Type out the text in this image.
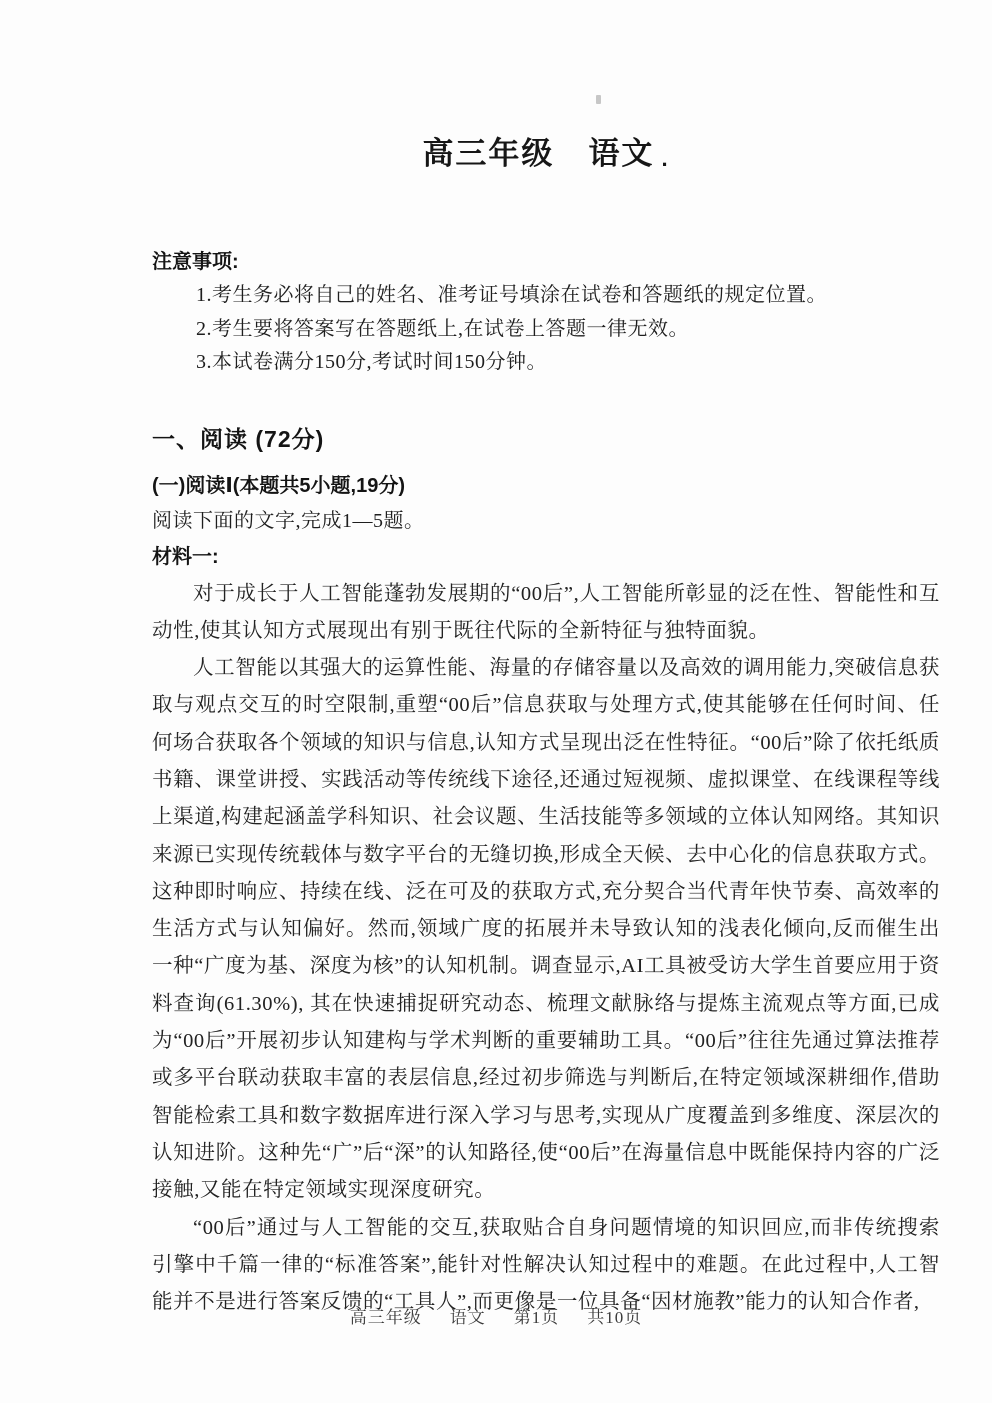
高三年级 语文 .
注意事项:
1.考生务必将自己的姓名、准考证号填涂在试卷和答题纸的规定位置。
2.考生要将答案写在答题纸上,在试卷上答题一律无效。
3.本试卷满分150分,考试时间150分钟。
一、阅读 (72分)
(一)阅读Ⅰ(本题共5小题,19分)
阅读下面的文字,完成1—5题。
材料一:

对于成长于人工智能蓬勃发展期的“00后”,人工智能所彰显的泛在性、智能性和互动性,使其认知方式展现出有别于既往代际的全新特征与独特面貌。

人工智能以其强大的运算性能、海量的存储容量以及高效的调用能力,突破信息获取与观点交互的时空限制,重塑“00后”信息获取与处理方式,使其能够在任何时间、任何场合获取各个领域的知识与信息,认知方式呈现出泛在性特征。“00后”除了依托纸质书籍、课堂讲授、实践活动等传统线下途径,还通过短视频、虚拟课堂、在线课程等线上渠道,构建起涵盖学科知识、社会议题、生活技能等多领域的立体认知网络。其知识来源已实现传统载体与数字平台的无缝切换,形成全天候、去中心化的信息获取方式。这种即时响应、持续在线、泛在可及的获取方式,充分契合当代青年快节奏、高效率的生活方式与认知偏好。然而,领域广度的拓展并未导致认知的浅表化倾向,反而催生出一种“广度为基、深度为核”的认知机制。调查显示,AI工具被受访大学生首要应用于资料查询(61.30%), 其在快速捕捉研究动态、梳理文献脉络与提炼主流观点等方面,已成为“00后”开展初步认知建构与学术判断的重要辅助工具。“00后”往往先通过算法推荐或多平台联动获取丰富的表层信息,经过初步筛选与判断后,在特定领域深耕细作,借助智能检索工具和数字数据库进行深入学习与思考,实现从广度覆盖到多维度、深层次的认知进阶。这种先“广”后“深”的认知路径,使“00后”在海量信息中既能保持内容的广泛接触,又能在特定领域实现深度研究。

“00后”通过与人工智能的交互,获取贴合自身问题情境的知识回应,而非传统搜索引擎中千篇一律的“标准答案”,能针对性解决认知过程中的难题。在此过程中,人工智能并不是进行答案反馈的“工具人”,而更像是一位具备“因材施教”能力的认知合作者,

高三年级 语文 第1页 共10页
